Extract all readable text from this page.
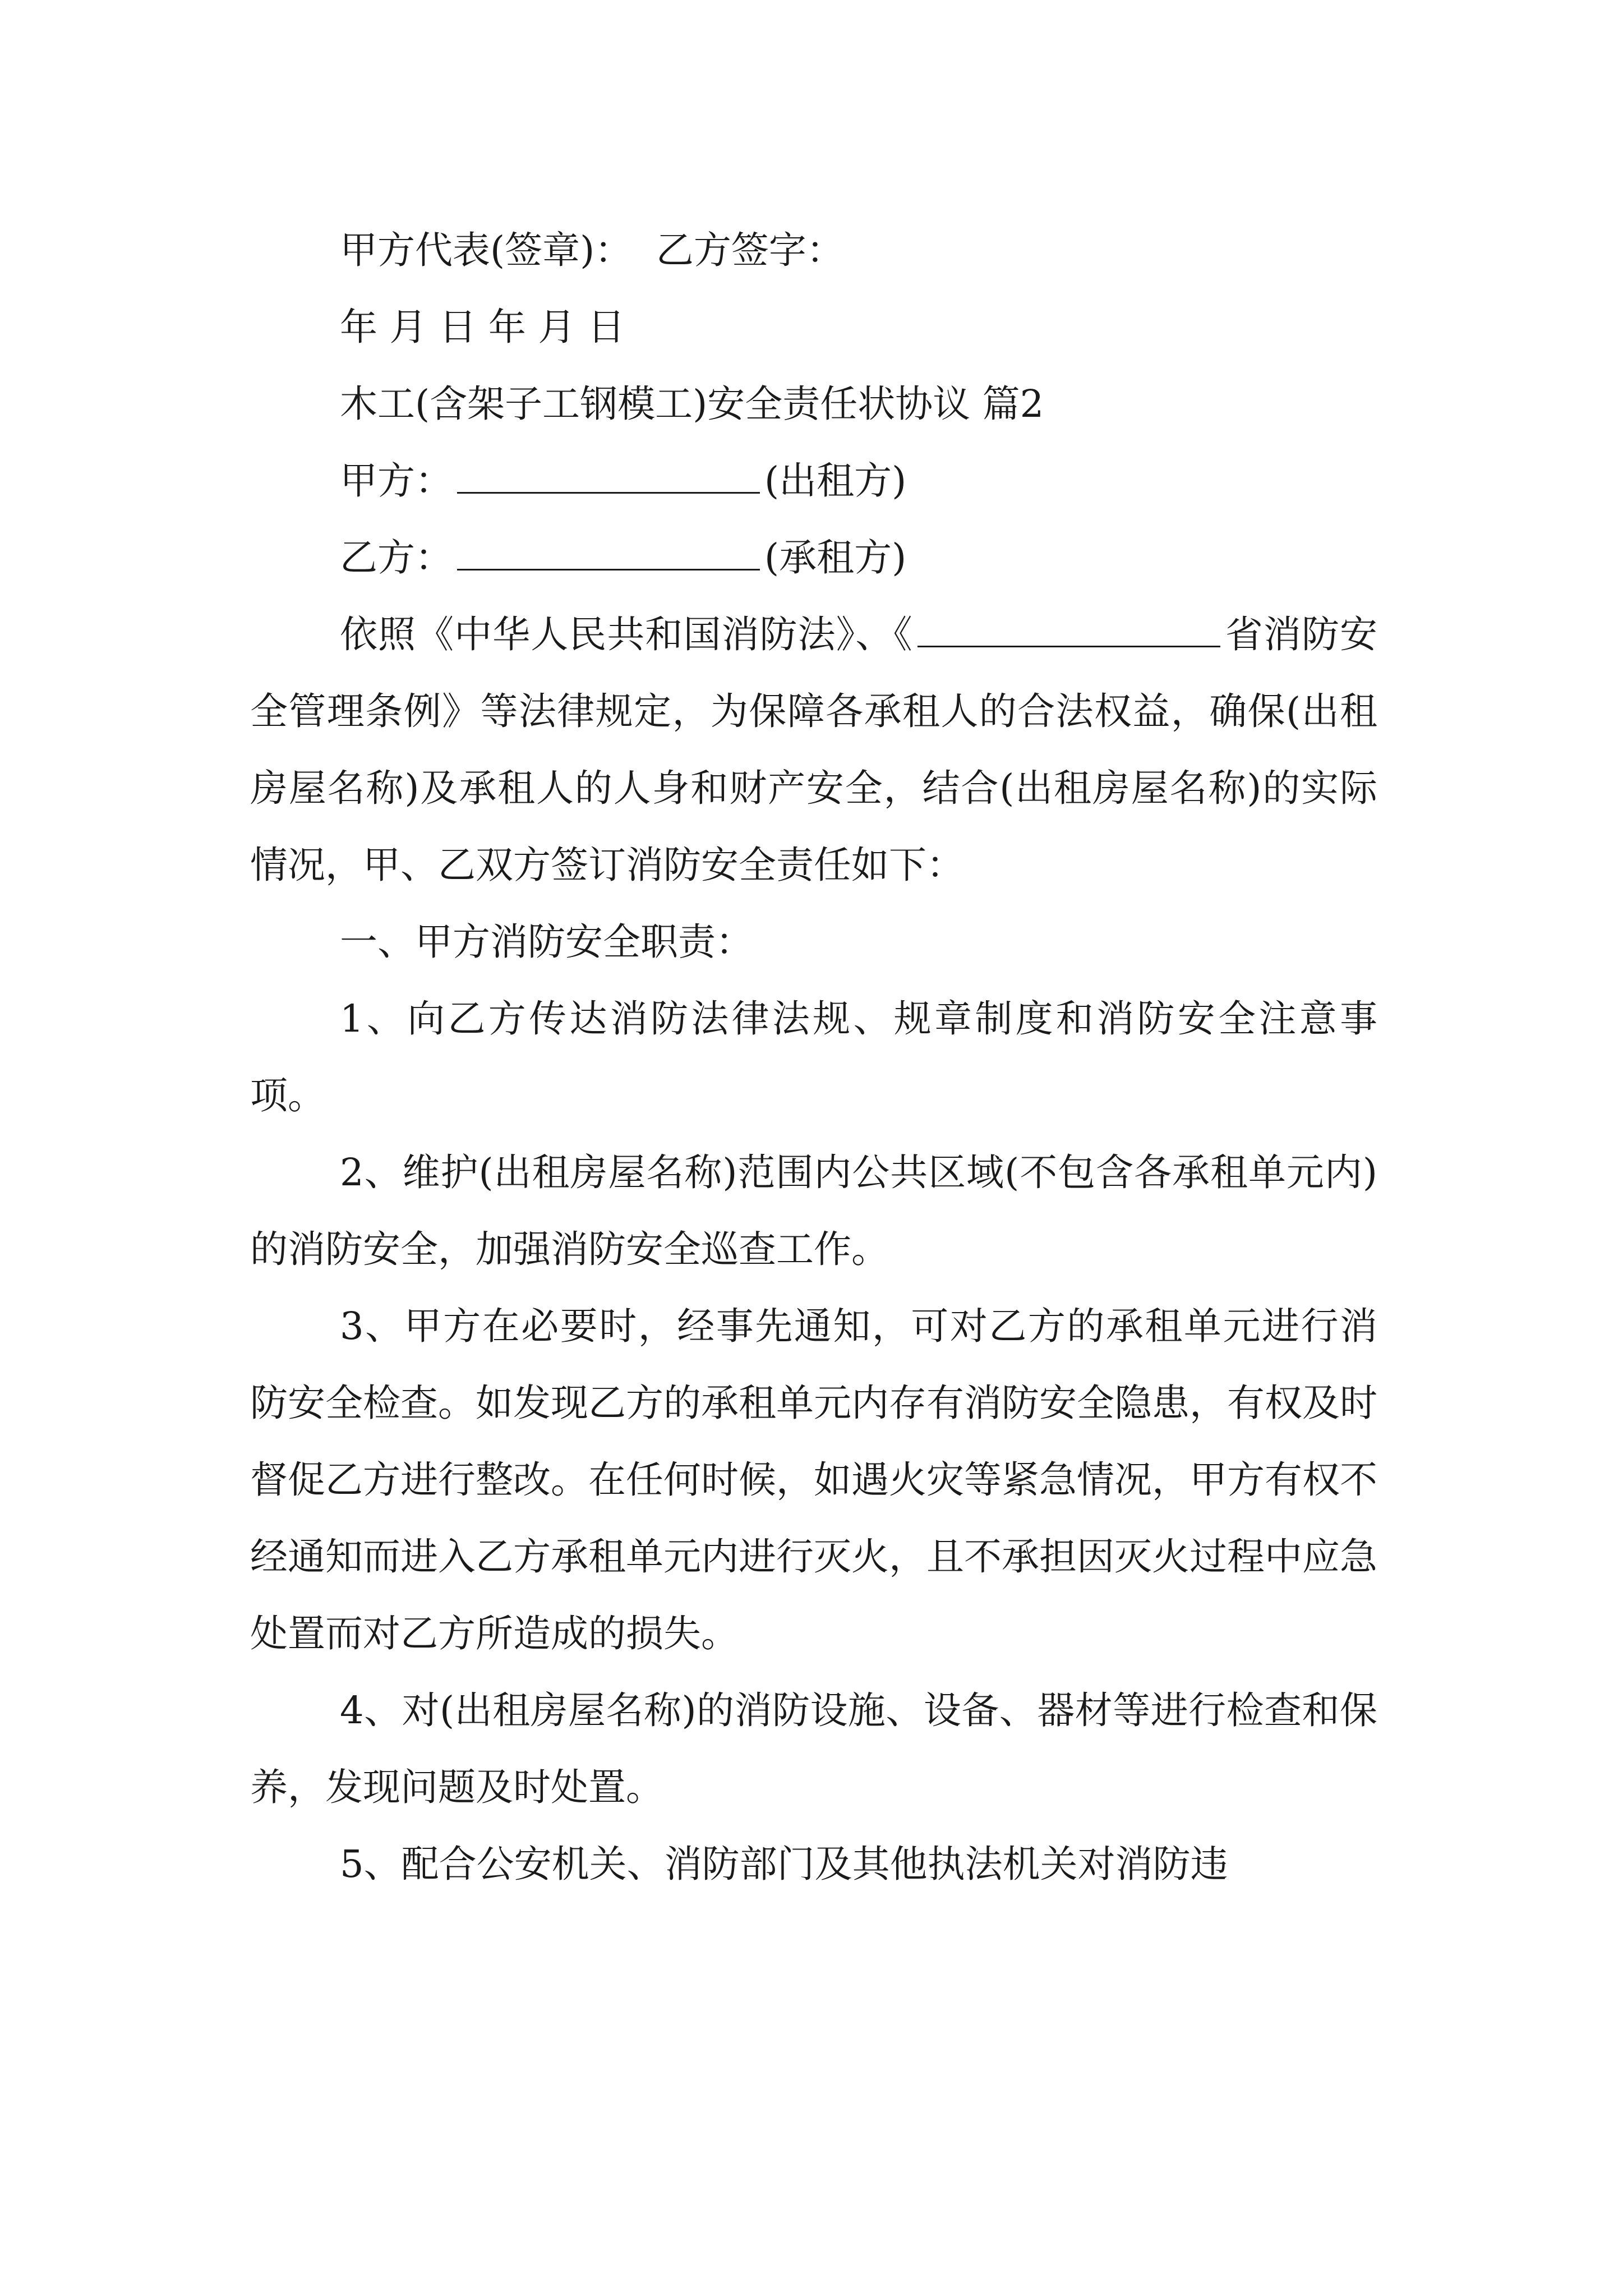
甲方代表(签章)： 乙方签字：

年 月 日 年 月 日

木工(含架子工钢模工)安全责任状协议 篇2

甲方：	(出租方)

乙方：	(承租方)

依照《中华人民共和国消防法》、《	省消防安全管理条例》等法律规定，为保障各承租人的合法权益，确保(出租房屋名称)及承租人的人身和财产安全，结合(出租房屋名称)的实际情况，甲、乙双方签订消防安全责任如下：

一、甲方消防安全职责：

1、向乙方传达消防法律法规、规章制度和消防安全注意事项。

2、维护(出租房屋名称)范围内公共区域(不包含各承租单元内)的消防安全，加强消防安全巡查工作。

3、甲方在必要时，经事先通知，可对乙方的承租单元进行消防安全检查。如发现乙方的承租单元内存有消防安全隐患，有权及时督促乙方进行整改。在任何时候，如遇火灾等紧急情况，甲方有权不经通知而进入乙方承租单元内进行灭火，且不承担因灭火过程中应急处置而对乙方所造成的损失。

4、对(出租房屋名称)的消防设施、设备、器材等进行检查和保养，发现问题及时处置。

5、配合公安机关、消防部门及其他执法机关对消防违
